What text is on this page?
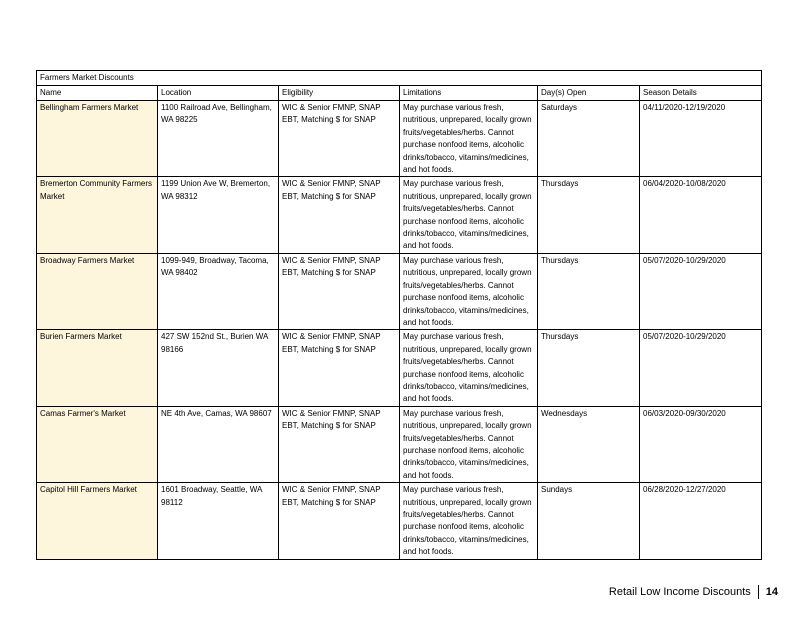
Farmers Market Discounts					
Name	Location	Eligibility	Limitations	Day(s) Open	Season Details
Bellingham Farmers Market	1100 Railroad Ave, Bellingham, WA 98225	WIC & Senior FMNP, SNAP EBT, Matching $ for SNAP	May purchase various fresh, nutritious, unprepared, locally grown fruits/vegetables/herbs. Cannot purchase nonfood items, alcoholic drinks/tobacco, vitamins/medicines, and hot foods.	Saturdays	04/11/2020-12/19/2020
Bremerton Community Farmers Market	1199 Union Ave W, Bremerton, WA 98312	WIC & Senior FMNP, SNAP EBT, Matching $ for SNAP	May purchase various fresh, nutritious, unprepared, locally grown fruits/vegetables/herbs. Cannot purchase nonfood items, alcoholic drinks/tobacco, vitamins/medicines, and hot foods.	Thursdays	06/04/2020-10/08/2020
Broadway Farmers Market	1099-949, Broadway, Tacoma, WA 98402	WIC & Senior FMNP, SNAP EBT, Matching $ for SNAP	May purchase various fresh, nutritious, unprepared, locally grown fruits/vegetables/herbs. Cannot purchase nonfood items, alcoholic drinks/tobacco, vitamins/medicines, and hot foods.	Thursdays	05/07/2020-10/29/2020
Burien Farmers Market	427 SW 152nd St., Burien WA 98166	WIC & Senior FMNP, SNAP EBT, Matching $ for SNAP	May purchase various fresh, nutritious, unprepared, locally grown fruits/vegetables/herbs. Cannot purchase nonfood items, alcoholic drinks/tobacco, vitamins/medicines, and hot foods.	Thursdays	05/07/2020-10/29/2020
Camas Farmer's Market	NE 4th Ave, Camas, WA 98607	WIC & Senior FMNP, SNAP EBT, Matching $ for SNAP	May purchase various fresh, nutritious, unprepared, locally grown fruits/vegetables/herbs. Cannot purchase nonfood items, alcoholic drinks/tobacco, vitamins/medicines, and hot foods.	Wednesdays	06/03/2020-09/30/2020
Capitol Hill Farmers Market	1601 Broadway, Seattle, WA 98112	WIC & Senior FMNP, SNAP EBT, Matching $ for SNAP	May purchase various fresh, nutritious, unprepared, locally grown fruits/vegetables/herbs. Cannot purchase nonfood items, alcoholic drinks/tobacco, vitamins/medicines, and hot foods.	Sundays	06/28/2020-12/27/2020
Retail Low Income Discounts 14
